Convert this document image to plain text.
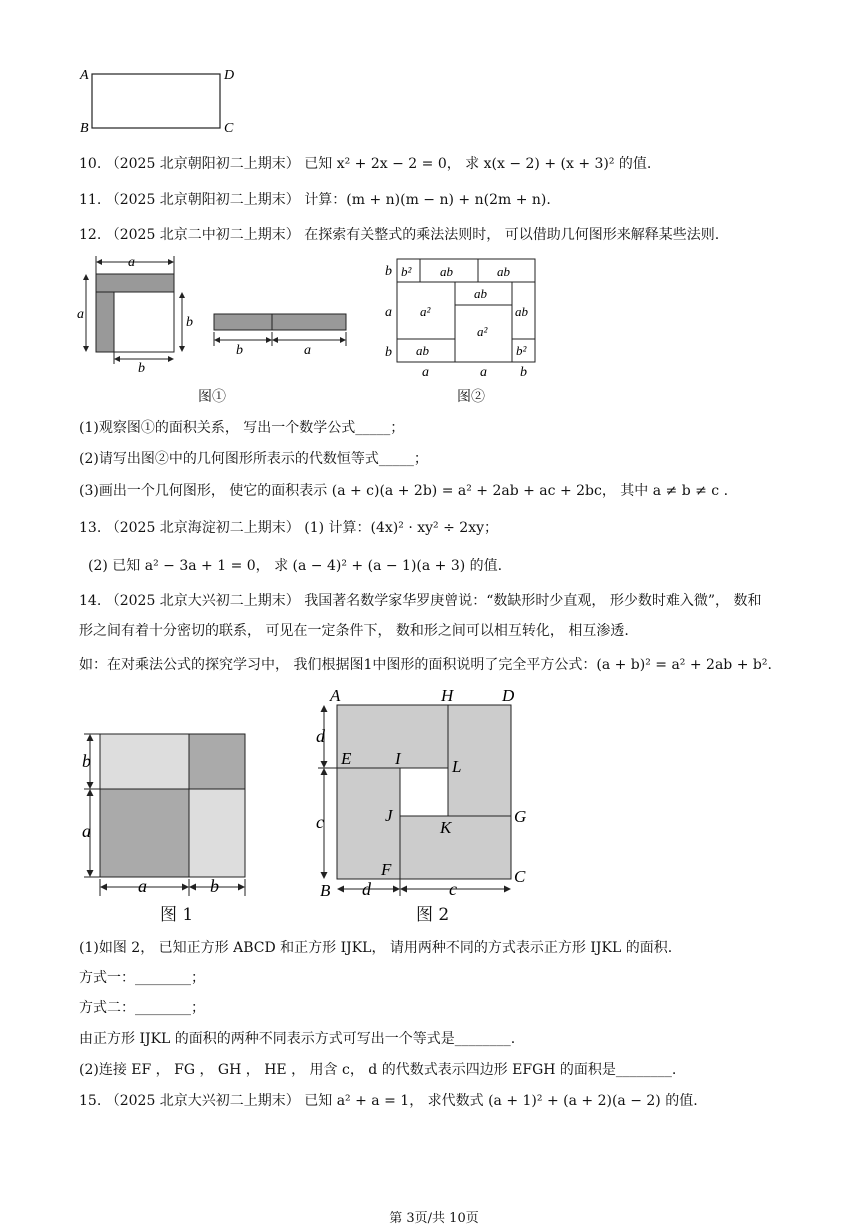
A	D
B	C
10. （2025 北京朝阳初二上期末） 已知 x² + 2x − 2 = 0， 求 x(x − 2) + (x + 3)² 的值.
11. （2025 北京朝阳初二上期末） 计算：(m + n)(m − n) + n(2m + n).
12. （2025 北京二中初二上期末） 在探索有关整式的乘法法则时， 可以借助几何图形来解释某些法则.
a
a
b
b
b	a
图①
b² ab	ab
a²
ab
a²
ab
ab	b²
b
a
b
a	a b
图②
(1)观察图①的面积关系， 写出一个数学公式_____；
(2)请写出图②中的几何图形所表示的代数恒等式_____；
(3)画出一个几何图形， 使它的面积表示 (a + c)(a + 2b) = a² + 2ab + ac + 2bc， 其中 a ≠ b ≠ c .
13. （2025 北京海淀初二上期末） (1) 计算：(4x)² · xy² ÷ 2xy；
(2) 已知 a² − 3a + 1 = 0， 求 (a − 4)² + (a − 1)(a + 3) 的值.
14. （2025 北京大兴初二上期末） 我国著名数学家华罗庚曾说：“数缺形时少直观， 形少数时难入微”， 数和
形之间有着十分密切的联系， 可见在一定条件下， 数和形之间可以相互转化， 相互渗透.
如：在对乘法公式的探究学习中， 我们根据图1中图形的面积说明了完全平方公式：(a + b)² = a² + 2ab + b².
b
a
a	b
图 1
d
c
d	c
A	H	D
E	I	L
J	G
K
F
B
C
图 2
(1)如图 2， 已知正方形 ABCD 和正方形 IJKL， 请用两种不同的方式表示正方形 IJKL 的面积.
方式一：________；
方式二：________；
由正方形 IJKL 的面积的两种不同表示方式可写出一个等式是________.
(2)连接 EF ， FG ， GH ， HE ， 用含 c， d 的代数式表示四边形 EFGH 的面积是________.
15. （2025 北京大兴初二上期末） 已知 a² + a = 1， 求代数式 (a + 1)² + (a + 2)(a − 2) 的值.
第 3页/共 10页
